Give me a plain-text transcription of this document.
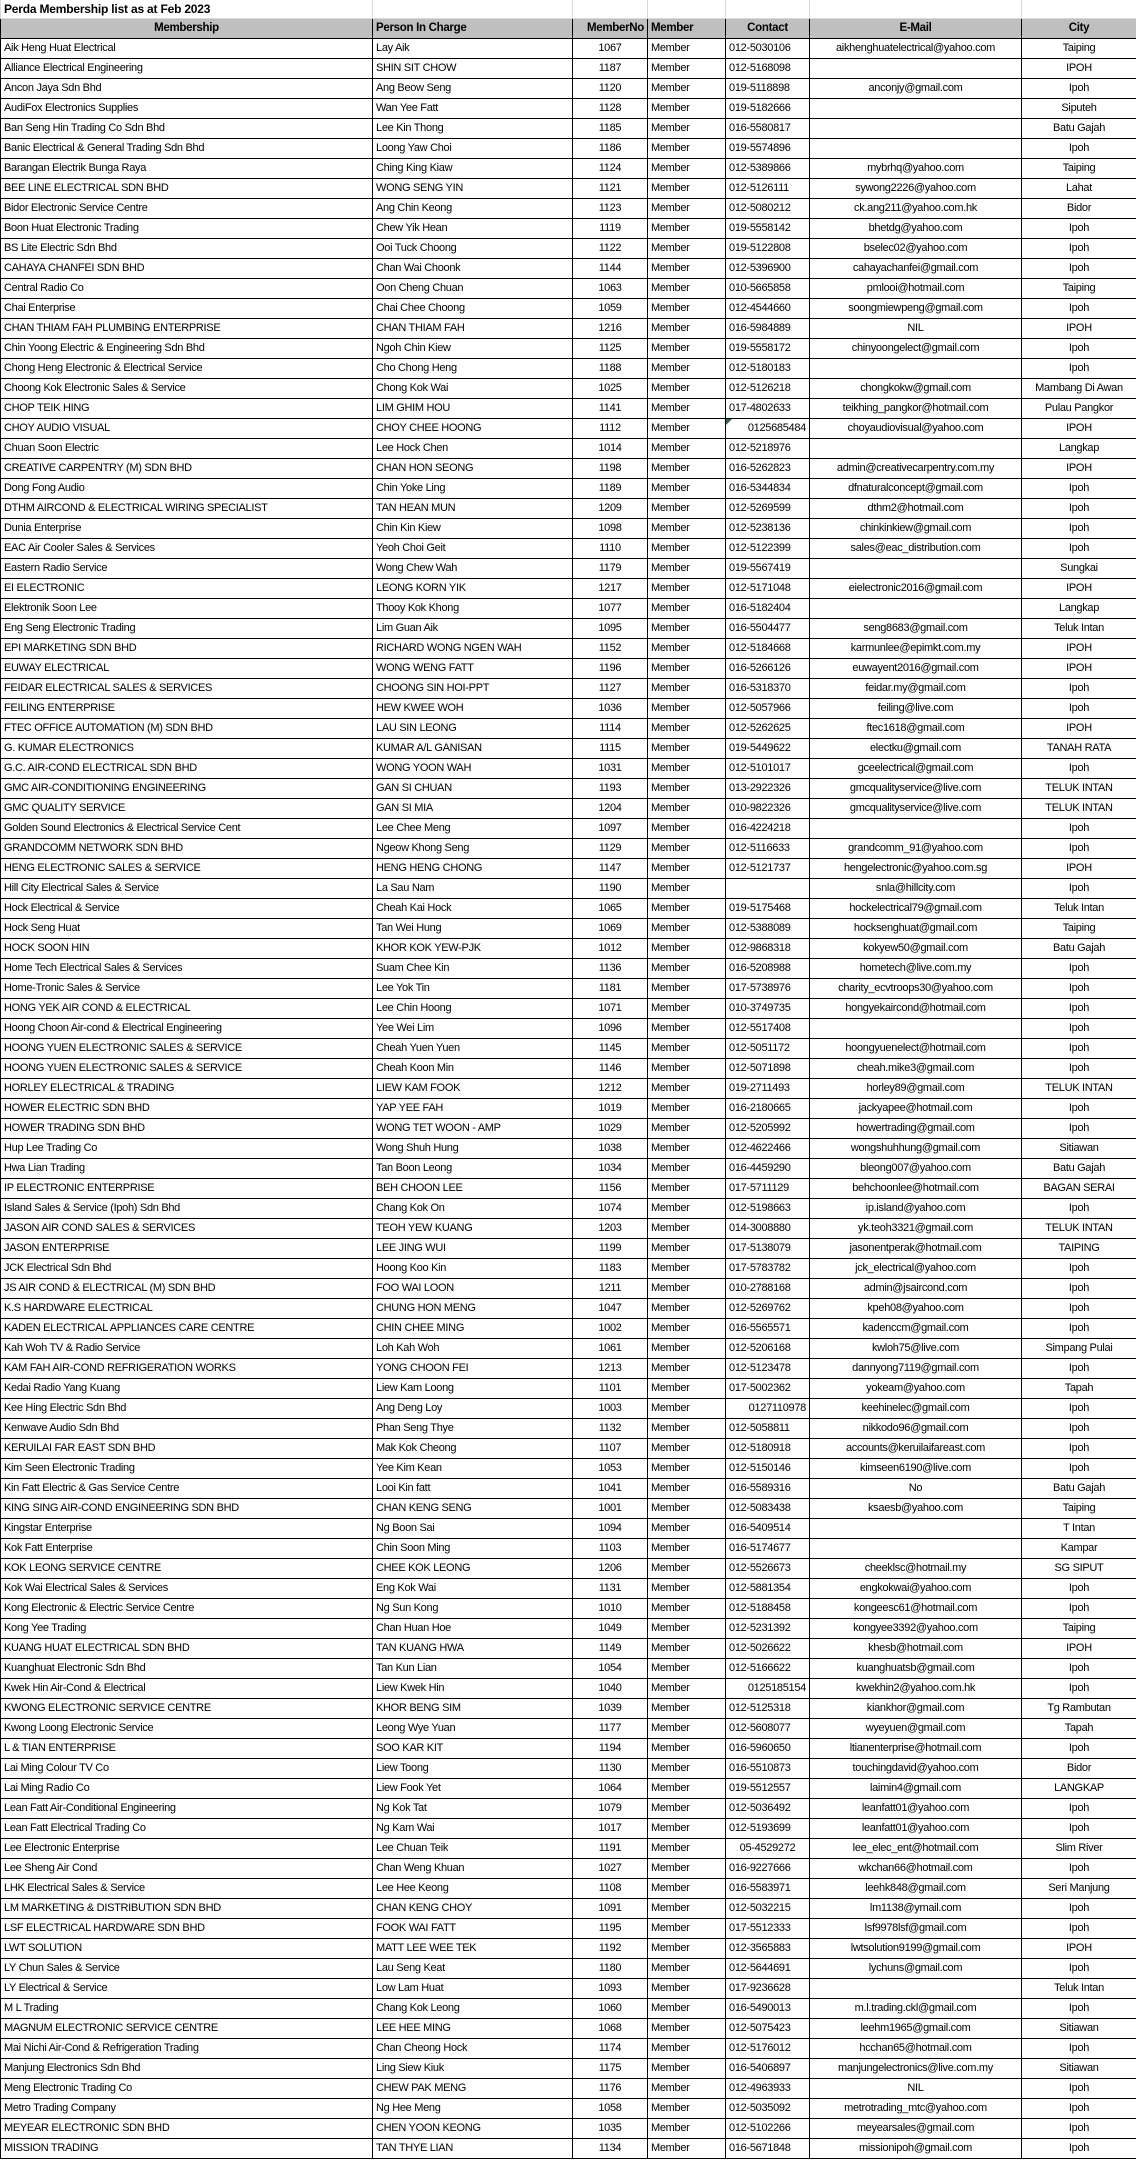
Perda Membership list as at Feb 2023						
Membership	Person In Charge	MemberNo	Member	Contact	E-Mail	City
Aik Heng Huat Electrical	Lay Aik	1067	Member	012-5030106	aikhenghuatelectrical@yahoo.com	Taiping
Alliance Electrical Engineering	SHIN SIT CHOW	1187	Member	012-5168098		IPOH
Ancon Jaya Sdn Bhd	Ang Beow Seng	1120	Member	019-5118898	anconjy@gmail.com	Ipoh
AudiFox Electronics Supplies	Wan Yee Fatt	1128	Member	019-5182666		Siputeh
Ban Seng Hin Trading Co Sdn Bhd	Lee Kin Thong	1185	Member	016-5580817		Batu Gajah
Banic Electrical & General Trading Sdn Bhd	Loong Yaw Choi	1186	Member	019-5574896		Ipoh
Barangan Electrik Bunga Raya	Ching King Kiaw	1124	Member	012-5389866	mybrhq@yahoo.com	Taiping
BEE LINE ELECTRICAL SDN BHD	WONG SENG YIN	1121	Member	012-5126111	sywong2226@yahoo.com	Lahat
Bidor Electronic Service Centre	Ang Chin Keong	1123	Member	012-5080212	ck.ang211@yahoo.com.hk	Bidor
Boon Huat Electronic Trading	Chew Yik Hean	1119	Member	019-5558142	bhetdg@yahoo.com	Ipoh
BS Lite Electric Sdn Bhd	Ooi Tuck Choong	1122	Member	019-5122808	bselec02@yahoo.com	Ipoh
CAHAYA CHANFEI SDN BHD	Chan Wai Choonk	1144	Member	012-5396900	cahayachanfei@gmail.com	Ipoh
Central Radio Co	Oon Cheng Chuan	1063	Member	010-5665858	pmlooi@hotmail.com	Taiping
Chai Enterprise	Chai Chee Choong	1059	Member	012-4544660	soongmiewpeng@gmail.com	Ipoh
CHAN THIAM FAH PLUMBING ENTERPRISE	CHAN THIAM FAH	1216	Member	016-5984889	NIL	IPOH
Chin Yoong Electric & Engineering Sdn Bhd	Ngoh Chin Kiew	1125	Member	019-5558172	chinyoongelect@gmail.com	Ipoh
Chong Heng Electronic & Electrical Service	Cho Chong Heng	1188	Member	012-5180183		Ipoh
Choong Kok Electronic Sales & Service	Chong Kok Wai	1025	Member	012-5126218	chongkokw@gmail.com	Mambang Di Awan
CHOP TEIK HING	LIM GHIM HOU	1141	Member	017-4802633	teikhing_pangkor@hotmail.com	Pulau Pangkor
CHOY AUDIO VISUAL	CHOY CHEE HOONG	1112	Member	0125685484	choyaudiovisual@yahoo.com	IPOH
Chuan Soon Electric	Lee Hock Chen	1014	Member	012-5218976		Langkap
CREATIVE CARPENTRY (M) SDN BHD	CHAN HON SEONG	1198	Member	016-5262823	admin@creativecarpentry.com.my	IPOH
Dong Fong Audio	Chin Yoke Ling	1189	Member	016-5344834	dfnaturalconcept@gmail.com	Ipoh
DTHM AIRCOND & ELECTRICAL WIRING SPECIALIST	TAN HEAN MUN	1209	Member	012-5269599	dthm2@hotmail.com	Ipoh
Dunia Enterprise	Chin Kin Kiew	1098	Member	012-5238136	chinkinkiew@gmail.com	Ipoh
EAC Air Cooler Sales & Services	Yeoh Choi Geit	1110	Member	012-5122399	sales@eac_distribution.com	Ipoh
Eastern Radio Service	Wong Chew Wah	1179	Member	019-5567419		Sungkai
EI ELECTRONIC	LEONG KORN YIK	1217	Member	012-5171048	eielectronic2016@gmail.com	IPOH
Elektronik Soon Lee	Thooy Kok Khong	1077	Member	016-5182404		Langkap
Eng Seng Electronic Trading	Lim Guan Aik	1095	Member	016-5504477	seng8683@gmail.com	Teluk Intan
EPI MARKETING SDN BHD	RICHARD WONG NGEN WAH	1152	Member	012-5184668	karmunlee@epimkt.com.my	IPOH
EUWAY ELECTRICAL	WONG WENG FATT	1196	Member	016-5266126	euwayent2016@gmail.com	IPOH
FEIDAR ELECTRICAL SALES & SERVICES	CHOONG SIN HOI-PPT	1127	Member	016-5318370	feidar.my@gmail.com	Ipoh
FEILING ENTERPRISE	HEW KWEE WOH	1036	Member	012-5057966	feiling@live.com	Ipoh
FTEC OFFICE AUTOMATION (M) SDN BHD	LAU SIN LEONG	1114	Member	012-5262625	ftec1618@gmail.com	IPOH
G. KUMAR ELECTRONICS	KUMAR A/L GANISAN	1115	Member	019-5449622	electku@gmail.com	TANAH RATA
G.C. AIR-COND ELECTRICAL SDN BHD	WONG YOON WAH	1031	Member	012-5101017	gceelectrical@gmail.com	Ipoh
GMC AIR-CONDITIONING ENGINEERING	GAN SI CHUAN	1193	Member	013-2922326	gmcqualityservice@live.com	TELUK INTAN
GMC QUALITY SERVICE	GAN SI MIA	1204	Member	010-9822326	gmcqualityservice@live.com	TELUK INTAN
Golden Sound Electronics & Electrical Service Cent	Lee Chee Meng	1097	Member	016-4224218		Ipoh
GRANDCOMM NETWORK SDN BHD	Ngeow Khong Seng	1129	Member	012-5116633	grandcomm_91@yahoo.com	Ipoh
HENG ELECTRONIC SALES & SERVICE	HENG HENG CHONG	1147	Member	012-5121737	hengelectronic@yahoo.com.sg	IPOH
Hill City Electrical Sales & Service	La Sau Nam	1190	Member		snla@hillcity.com	Ipoh
Hock Electrical & Service	Cheah Kai Hock	1065	Member	019-5175468	hockelectrical79@gmail.com	Teluk Intan
Hock Seng Huat	Tan Wei Hung	1069	Member	012-5388089	hocksenghuat@gmail.com	Taiping
HOCK SOON HIN	KHOR KOK YEW-PJK	1012	Member	012-9868318	kokyew50@gmail.com	Batu Gajah
Home Tech Electrical Sales & Services	Suam Chee Kin	1136	Member	016-5208988	hometech@live.com.my	Ipoh
Home-Tronic Sales & Service	Lee Yok Tin	1181	Member	017-5738976	charity_ecvtroops30@yahoo.com	Ipoh
HONG YEK AIR COND & ELECTRICAL	Lee Chin Hoong	1071	Member	010-3749735	hongyekaircond@hotmail.com	Ipoh
Hoong Choon Air-cond & Electrical Engineering	Yee Wei Lim	1096	Member	012-5517408		Ipoh
HOONG YUEN ELECTRONIC SALES & SERVICE	Cheah Yuen Yuen	1145	Member	012-5051172	hoongyuenelect@hotmail.com	Ipoh
HOONG YUEN ELECTRONIC SALES & SERVICE	Cheah Koon Min	1146	Member	012-5071898	cheah.mike3@gmail.com	Ipoh
HORLEY ELECTRICAL & TRADING	LIEW KAM FOOK	1212	Member	019-2711493	horley89@gmail.com	TELUK INTAN
HOWER ELECTRIC SDN BHD	YAP YEE FAH	1019	Member	016-2180665	jackyapee@hotmail.com	Ipoh
HOWER TRADING SDN BHD	WONG TET WOON - AMP	1029	Member	012-5205992	howertrading@gmail.com	Ipoh
Hup Lee Trading Co	Wong Shuh Hung	1038	Member	012-4622466	wongshuhhung@gmail.com	Sitiawan
Hwa Lian Trading	Tan Boon Leong	1034	Member	016-4459290	bleong007@yahoo.com	Batu Gajah
IP ELECTRONIC ENTERPRISE	BEH CHOON LEE	1156	Member	017-5711129	behchoonlee@hotmail.com	BAGAN SERAI
Island Sales & Service (Ipoh) Sdn Bhd	Chang Kok On	1074	Member	012-5198663	ip.island@yahoo.com	Ipoh
JASON AIR COND SALES & SERVICES	TEOH YEW KUANG	1203	Member	014-3008880	yk.teoh3321@gmail.com	TELUK INTAN
JASON ENTERPRISE	LEE JING WUI	1199	Member	017-5138079	jasonentperak@hotmail.com	TAIPING
JCK Electrical Sdn Bhd	Hoong Koo Kin	1183	Member	017-5783782	jck_electrical@yahoo.com	Ipoh
JS AIR COND & ELECTRICAL (M) SDN BHD	FOO WAI LOON	1211	Member	010-2788168	admin@jsaircond.com	Ipoh
K.S HARDWARE ELECTRICAL	CHUNG HON MENG	1047	Member	012-5269762	kpeh08@yahoo.com	Ipoh
KADEN ELECTRICAL APPLIANCES CARE CENTRE	CHIN CHEE MING	1002	Member	016-5565571	kadenccm@gmail.com	Ipoh
Kah Woh TV & Radio Service	Loh Kah Woh	1061	Member	012-5206168	kwloh75@live.com	Simpang Pulai
KAM FAH AIR-COND REFRIGERATION WORKS	YONG CHOON FEI	1213	Member	012-5123478	dannyong7119@gmail.com	Ipoh
Kedai Radio Yang Kuang	Liew Kam Loong	1101	Member	017-5002362	yokeam@yahoo.com	Tapah
Kee Hing Electric Sdn Bhd	Ang Deng Loy	1003	Member	0127110978	keehinelec@gmail.com	Ipoh
Kenwave Audio Sdn Bhd	Phan Seng Thye	1132	Member	012-5058811	nikkodo96@gmail.com	Ipoh
KERUILAI FAR EAST SDN BHD	Mak Kok Cheong	1107	Member	012-5180918	accounts@keruilaifareast.com	Ipoh
Kim Seen Electronic Trading	Yee Kim Kean	1053	Member	012-5150146	kimseen6190@live.com	Ipoh
Kin Fatt Electric & Gas Service Centre	Looi Kin fatt	1041	Member	016-5589316	No	Batu Gajah
KING SING AIR-COND ENGINEERING SDN BHD	CHAN KENG SENG	1001	Member	012-5083438	ksaesb@yahoo.com	Taiping
Kingstar Enterprise	Ng Boon Sai	1094	Member	016-5409514		T Intan
Kok Fatt Enterprise	Chin Soon Ming	1103	Member	016-5174677		Kampar
KOK LEONG SERVICE CENTRE	CHEE KOK LEONG	1206	Member	012-5526673	cheeklsc@hotmail.my	SG SIPUT
Kok Wai Electrical Sales & Services	Eng Kok Wai	1131	Member	012-5881354	engkokwai@yahoo.com	Ipoh
Kong Electronic & Electric Service Centre	Ng Sun Kong	1010	Member	012-5188458	kongeesc61@hotmail.com	Ipoh
Kong Yee Trading	Chan Huan Hoe	1049	Member	012-5231392	kongyee3392@yahoo.com	Taiping
KUANG HUAT ELECTRICAL SDN BHD	TAN KUANG HWA	1149	Member	012-5026622	khesb@hotmail.com	IPOH
Kuanghuat Electronic Sdn Bhd	Tan Kun Lian	1054	Member	012-5166622	kuanghuatsb@gmail.com	Ipoh
Kwek Hin Air-Cond & Electrical	Liew Kwek Hin	1040	Member	0125185154	kwekhin2@yahoo.com.hk	Ipoh
KWONG ELECTRONIC SERVICE CENTRE	KHOR BENG SIM	1039	Member	012-5125318	kiankhor@gmail.com	Tg Rambutan
Kwong Loong Electronic Service	Leong Wye Yuan	1177	Member	012-5608077	wyeyuen@gmail.com	Tapah
L & TIAN ENTERPRISE	SOO KAR KIT	1194	Member	016-5960650	ltianenterprise@hotmail.com	Ipoh
Lai Ming Colour TV Co	Liew Toong	1130	Member	016-5510873	touchingdavid@yahoo.com	Bidor
Lai Ming Radio Co	Liew Fook Yet	1064	Member	019-5512557	laimin4@gmail.com	LANGKAP
Lean Fatt Air-Conditional Engineering	Ng Kok Tat	1079	Member	012-5036492	leanfatt01@yahoo.com	Ipoh
Lean Fatt Electrical Trading Co	Ng Kam Wai	1017	Member	012-5193699	leanfatt01@yahoo.com	Ipoh
Lee Electronic Enterprise	Lee Chuan Teik	1191	Member	05-4529272	lee_elec_ent@hotmail.com	Slim River
Lee Sheng Air Cond	Chan Weng Khuan	1027	Member	016-9227666	wkchan66@hotmail.com	Ipoh
LHK Electrical Sales & Service	Lee Hee Keong	1108	Member	016-5583971	leehk848@gmail.com	Seri Manjung
LM MARKETING & DISTRIBUTION SDN BHD	CHAN KENG CHOY	1091	Member	012-5032215	lm1138@ymail.com	Ipoh
LSF ELECTRICAL HARDWARE SDN BHD	FOOK WAI FATT	1195	Member	017-5512333	lsf9978lsf@gmail.com	Ipoh
LWT SOLUTION	MATT LEE WEE TEK	1192	Member	012-3565883	lwtsolution9199@gmail.com	IPOH
LY Chun Sales & Service	Lau Seng Keat	1180	Member	012-5644691	lychuns@gmail.com	Ipoh
LY Electrical & Service	Low Lam Huat	1093	Member	017-9236628		Teluk Intan
M L Trading	Chang Kok Leong	1060	Member	016-5490013	m.l.trading.ckl@gmail.com	Ipoh
MAGNUM ELECTRONIC SERVICE CENTRE	LEE HEE MING	1068	Member	012-5075423	leehm1965@gmail.com	Sitiawan
Mai Nichi Air-Cond & Refrigeration Trading	Chan Cheong Hock	1174	Member	012-5176012	hcchan65@hotmail.com	Ipoh
Manjung Electronics Sdn Bhd	Ling Siew Kiuk	1175	Member	016-5406897	manjungelectronics@live.com.my	Sitiawan
Meng Electronic Trading Co	CHEW PAK MENG	1176	Member	012-4963933	NIL	Ipoh
Metro Trading Company	Ng Hee Meng	1058	Member	012-5035092	metrotrading_mtc@yahoo.com	Ipoh
MEYEAR ELECTRONIC SDN BHD	CHEN YOON KEONG	1035	Member	012-5102266	meyearsales@gmail.com	Ipoh
MISSION TRADING	TAN THYE LIAN	1134	Member	016-5671848	missionipoh@gmail.com	Ipoh
